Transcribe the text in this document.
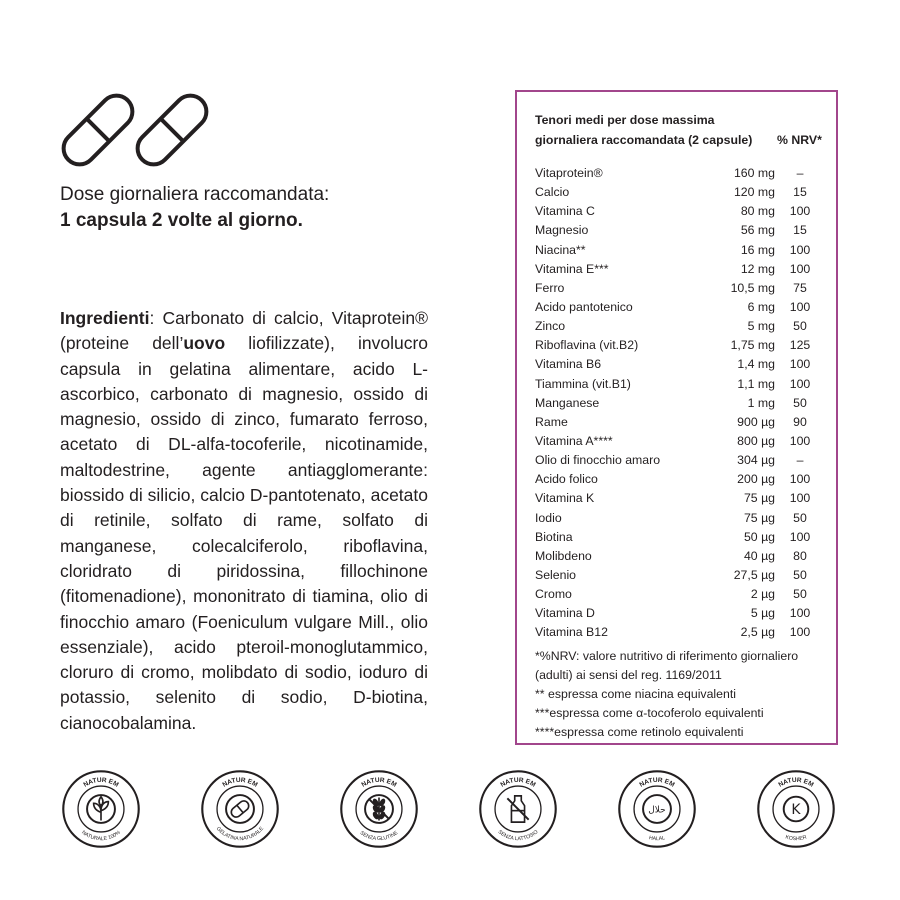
Dose giornaliera raccomandata:
1 capsula 2 volte al giorno.
Ingredienti: Carbonato di calcio, Vitaprotein® (proteine dell’uovo liofilizzate), involucro capsula in gelatina alimentare, acido L-ascorbico, carbonato di magnesio, ossido di magnesio, ossido di zinco, fumarato ferroso, acetato di DL-alfa-tocoferile, nicotinamide, maltodestrine, agente antiagglomerante: biossido di silicio, calcio D-pantotenato, acetato di retinile, solfato di rame, solfato di manganese, colecalciferolo, riboflavina, cloridrato di piridossina, fillochinone (fitomenadione), mononitrato di tiamina, olio di finocchio amaro (Foeniculum vulgare Mill., olio essenziale), acido pteroil-monoglutammico, cloruro di cromo, molibdato di sodio, ioduro di potassio, selenito di sodio, D-biotina, cianocobalamina.
Tenori medi per dose massima
giornaliera raccomandata (2 capsule)	% NRV*
Vitaprotein®	160 mg	–
Calcio	120 mg	15
Vitamina C	80 mg	100
Magnesio	56 mg	15
Niacina**	16 mg	100
Vitamina E***	12 mg	100
Ferro	10,5 mg	75
Acido pantotenico	6 mg	100
Zinco	5 mg	50
Riboflavina (vit.B2)	1,75 mg	125
Vitamina B6	1,4 mg	100
Tiammina (vit.B1)	1,1 mg	100
Manganese	1 mg	50
Rame	900 µg	90
Vitamina A****	800 µg	100
Olio di finocchio amaro	304 µg	–
Acido folico	200 µg	100
Vitamina K	75 µg	100
Iodio	75 µg	50
Biotina	50 µg	100
Molibdeno	40 µg	80
Selenio	27,5 µg	50
Cromo	2 µg	50
Vitamina D	5 µg	100
Vitamina B12	2,5 µg	100
*%NRV: valore nutritivo di riferimento giornaliero (adulti) ai sensi del reg. 1169/2011
** espressa come niacina equivalenti
***espressa come α-tocoferolo equivalenti
****espressa come retinolo equivalenti
NATUR EM
NATURALE 100%
NATUR EM
GELATINA NATURALE
NATUR EM
SENZA GLUTINE
NATUR EM
SENZA LATTOSIO
NATUR EM
HALAL
حلال
NATUR EM
KOSHER
K
